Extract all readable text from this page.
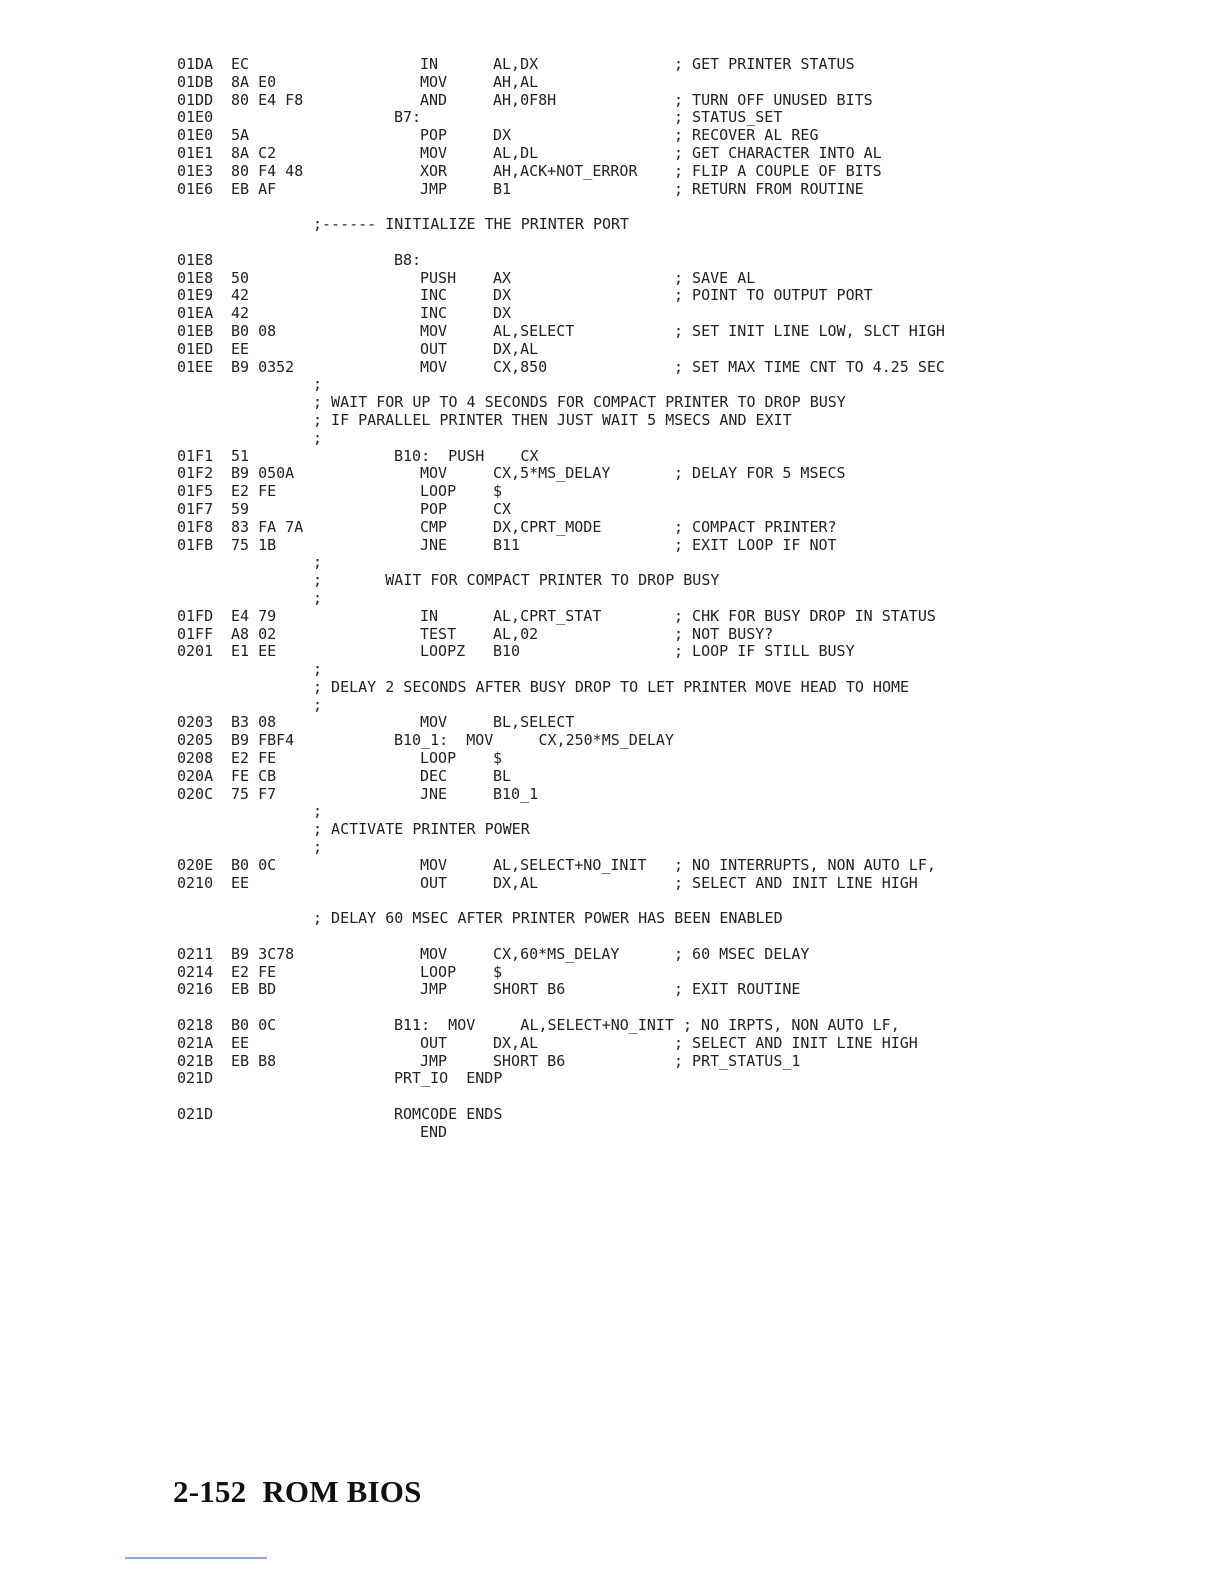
01DA EC	IN	AL,DX	; GET PRINTER STATUS
01DB 8A E0	MOV	AH,AL
01DD 80 E4 F8	AND	AH,0F8H	; TURN OFF UNUSED BITS
01E0	B7:	; STATUS_SET
01E0 5A	POP	DX	; RECOVER AL REG
01E1 8A C2	MOV	AL,DL	; GET CHARACTER INTO AL
01E3 80 F4 48	XOR	AH,ACK+NOT_ERROR ; FLIP A COUPLE OF BITS
01E6 EB AF	JMP	B1	; RETURN FROM ROUTINE
;------ INITIALIZE THE PRINTER PORT
01E8	B8:
01E8 50	PUSH AX	; SAVE AL
01E9 42	INC	DX	; POINT TO OUTPUT PORT
01EA 42	INC	DX
01EB B0 08	MOV	AL,SELECT	; SET INIT LINE LOW, SLCT HIGH
01ED EE	OUT	DX,AL
01EE B9 0352	MOV	CX,850	; SET MAX TIME CNT TO 4.25 SEC
;
; WAIT FOR UP TO 4 SECONDS FOR COMPACT PRINTER TO DROP BUSY
; IF PARALLEL PRINTER THEN JUST WAIT 5 MSECS AND EXIT
;
01F1 51	B10:  PUSH    CX
01F2 B9 050A	MOV	CX,5*MS_DELAY	; DELAY FOR 5 MSECS
01F5 E2 FE	LOOP $
01F7 59	POP	CX
01F8 83 FA 7A	CMP	DX,CPRT_MODE	; COMPACT PRINTER?
01FB 75 1B	JNE	B11	; EXIT LOOP IF NOT
;
;       WAIT FOR COMPACT PRINTER TO DROP BUSY
;
01FD E4 79	IN	AL,CPRT_STAT	; CHK FOR BUSY DROP IN STATUS
01FF A8 02	TEST AL,02	; NOT BUSY?
0201 E1 EE	LOOPZ B10	; LOOP IF STILL BUSY
;
; DELAY 2 SECONDS AFTER BUSY DROP TO LET PRINTER MOVE HEAD TO HOME
;
0203 B3 08	MOV	BL,SELECT
0205 B9 FBF4	B10_1:  MOV     CX,250*MS_DELAY
0208 E2 FE	LOOP $
020A FE CB	DEC	BL
020C 75 F7	JNE	B10_1
;
; ACTIVATE PRINTER POWER
;
020E B0 0C	MOV	AL,SELECT+NO_INIT ; NO INTERRUPTS, NON AUTO LF,
0210 EE	OUT	DX,AL	; SELECT AND INIT LINE HIGH
; DELAY 60 MSEC AFTER PRINTER POWER HAS BEEN ENABLED
0211 B9 3C78	MOV	CX,60*MS_DELAY	; 60 MSEC DELAY
0214 E2 FE	LOOP $
0216 EB BD	JMP	SHORT B6	; EXIT ROUTINE
0218 B0 0C	B11:  MOV     AL,SELECT+NO_INIT ; NO IRPTS, NON AUTO LF,
021A EE	OUT	DX,AL	; SELECT AND INIT LINE HIGH
021B EB B8	JMP	SHORT B6	; PRT_STATUS_1
021D	PRT_IO  ENDP
021D	ROMCODE ENDS
END
2-152 ROM BIOS
